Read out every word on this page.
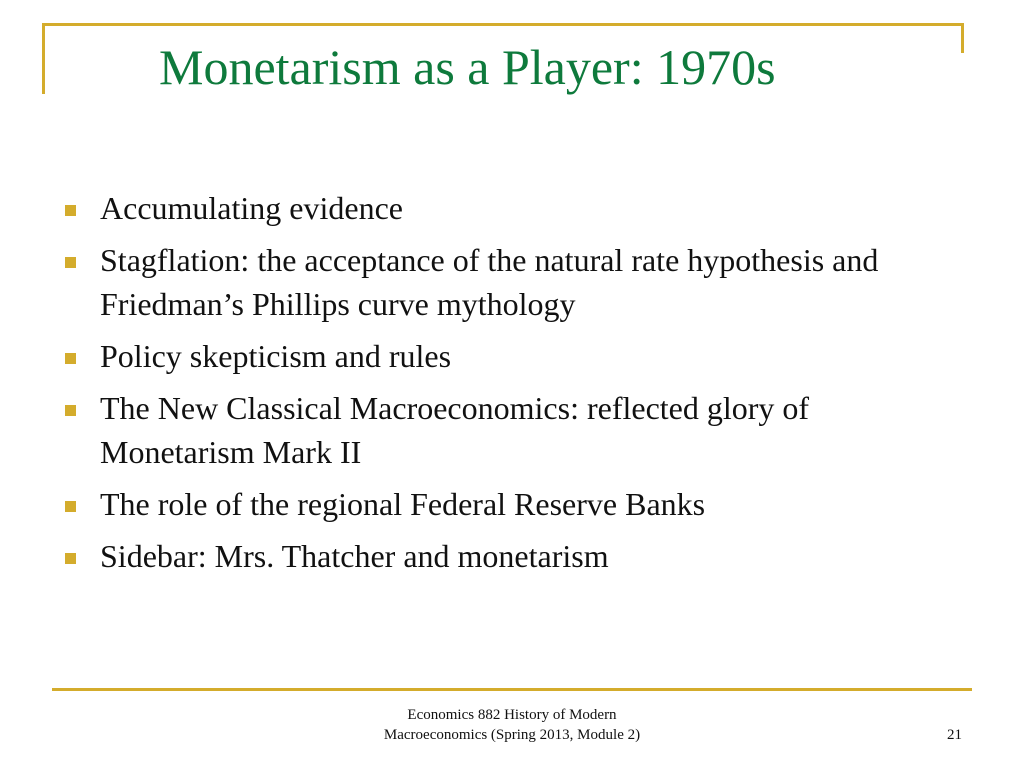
Monetarism as a Player: 1970s
Accumulating evidence
Stagflation: the acceptance of the natural rate hypothesis and Friedman’s Phillips curve mythology
Policy skepticism and rules
The New Classical Macroeconomics: reflected glory of Monetarism Mark II
The role of the regional Federal Reserve Banks
Sidebar: Mrs. Thatcher and monetarism
Economics 882 History of Modern
Macroeconomics (Spring 2013, Module 2)	21
